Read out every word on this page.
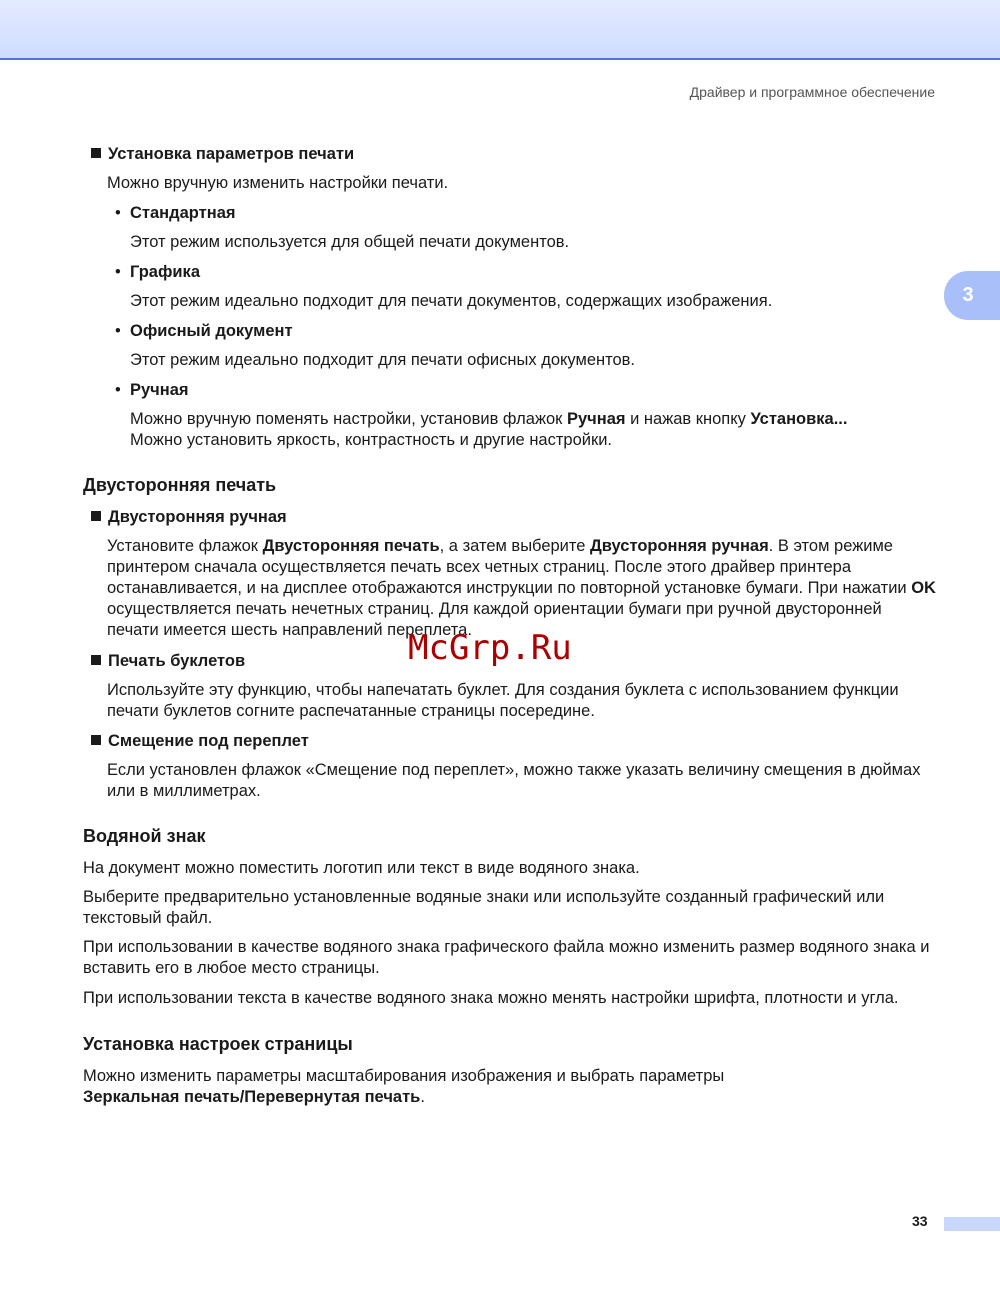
Драйвер и программное обеспечение
3
Установка параметров печати
Можно вручную изменить настройки печати.
• Стандартная
Этот режим используется для общей печати документов.
• Графика
Этот режим идеально подходит для печати документов, содержащих изображения.
• Офисный документ
Этот режим идеально подходит для печати офисных документов.
• Ручная
Можно вручную поменять настройки, установив флажок Ручная и нажав кнопку Установка...
Можно установить яркость, контрастность и другие настройки.
Двусторонняя печать
Двусторонняя ручная
Установите флажок Двусторонняя печать, а затем выберите Двусторонняя ручная. В этом режиме принтером сначала осуществляется печать всех четных страниц. После этого драйвер принтера останавливается, и на дисплее отображаются инструкции по повторной установке бумаги. При нажатии OK осуществляется печать нечетных страниц. Для каждой ориентации бумаги при ручной двусторонней печати имеется шесть направлений переплета.
Печать буклетов
Используйте эту функцию, чтобы напечатать буклет. Для создания буклета с использованием функции печати буклетов согните распечатанные страницы посередине.
Смещение под переплет
Если установлен флажок «Смещение под переплет», можно также указать величину смещения в дюймах или в миллиметрах.
Водяной знак
На документ можно поместить логотип или текст в виде водяного знака.
Выберите предварительно установленные водяные знаки или используйте созданный графический или текстовый файл.
При использовании в качестве водяного знака графического файла можно изменить размер водяного знака и вставить его в любое место страницы.
При использовании текста в качестве водяного знака можно менять настройки шрифта, плотности и угла.
Установка настроек страницы
Можно изменить параметры масштабирования изображения и выбрать параметры
Зеркальная печать/Перевернутая печать.
McGrp.Ru
33
